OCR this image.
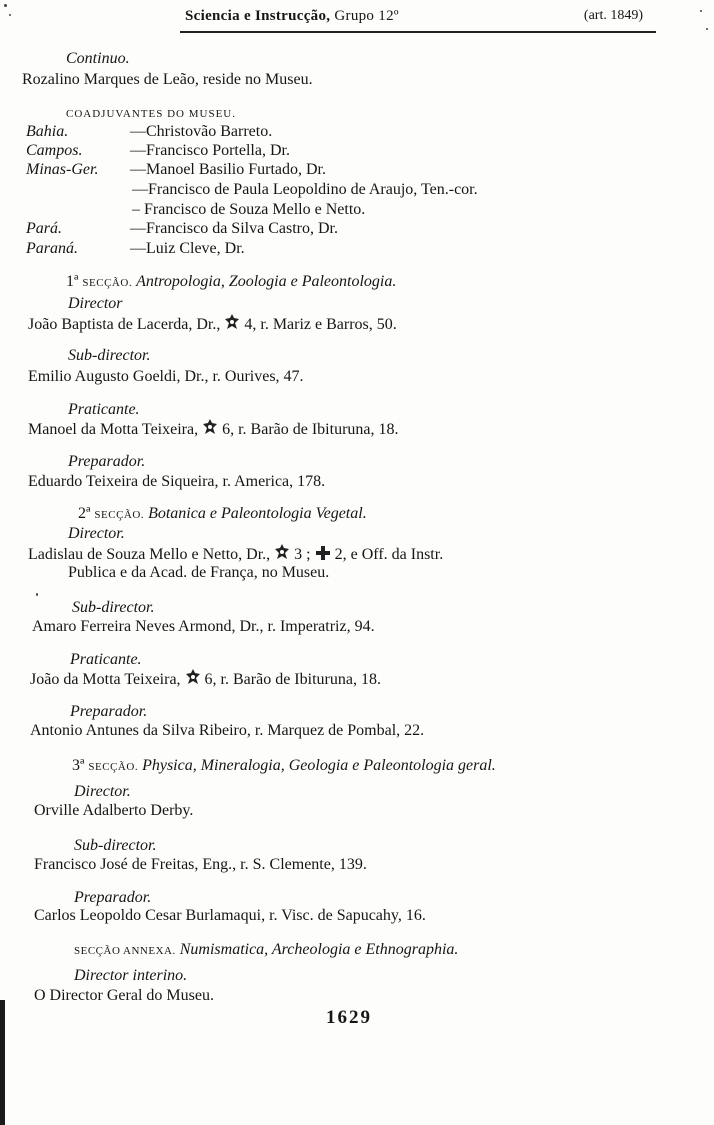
Sciencia e Instrucção, Grupo 12º	(art. 1849)
Continuo.
Rozalino Marques de Leão, reside no Museu.
COADJUVANTES DO MUSEU.
Bahia.	—Christovão Barreto.
Campos.	—Francisco Portella, Dr.
Minas-Ger. —Manoel Basilio Furtado, Dr.
—Francisco de Paula Leopoldino de Araujo, Ten.-cor.
– Francisco de Souza Mello e Netto.
Pará.	—Francisco da Silva Castro, Dr.
Paraná.	—Luiz Cleve, Dr.
1ª SECÇÃO. Antropologia, Zoologia e Paleontologia.
Director
João Baptista de Lacerda, Dr., 4, r. Mariz e Barros, 50.
Sub-director.
Emilio Augusto Goeldi, Dr., r. Ourives, 47.
Praticante.
Manoel da Motta Teixeira, 6, r. Barão de Ibituruna, 18.
Preparador.
Eduardo Teixeira de Siqueira, r. America, 178.
2ª SECÇÃO. Botanica e Paleontologia Vegetal.
Director.
Ladislau de Souza Mello e Netto, Dr., 3 ; 2, e Off. da Instr.
Publica e da Acad. de França, no Museu.
Sub-director.
Amaro Ferreira Neves Armond, Dr., r. Imperatriz, 94.
Praticante.
João da Motta Teixeira, 6, r. Barão de Ibituruna, 18.
Preparador.
Antonio Antunes da Silva Ribeiro, r. Marquez de Pombal, 22.
3ª SECÇÃO. Physica, Mineralogia, Geologia e Paleontologia geral.
Director.
Orville Adalberto Derby.
Sub-director.
Francisco José de Freitas, Eng., r. S. Clemente, 139.
Preparador.
Carlos Leopoldo Cesar Burlamaqui, r. Visc. de Sapucahy, 16.
SECÇÃO ANNEXA. Numismatica, Archeologia e Ethnographia.
Director interino.
O Director Geral do Museu.
1629
